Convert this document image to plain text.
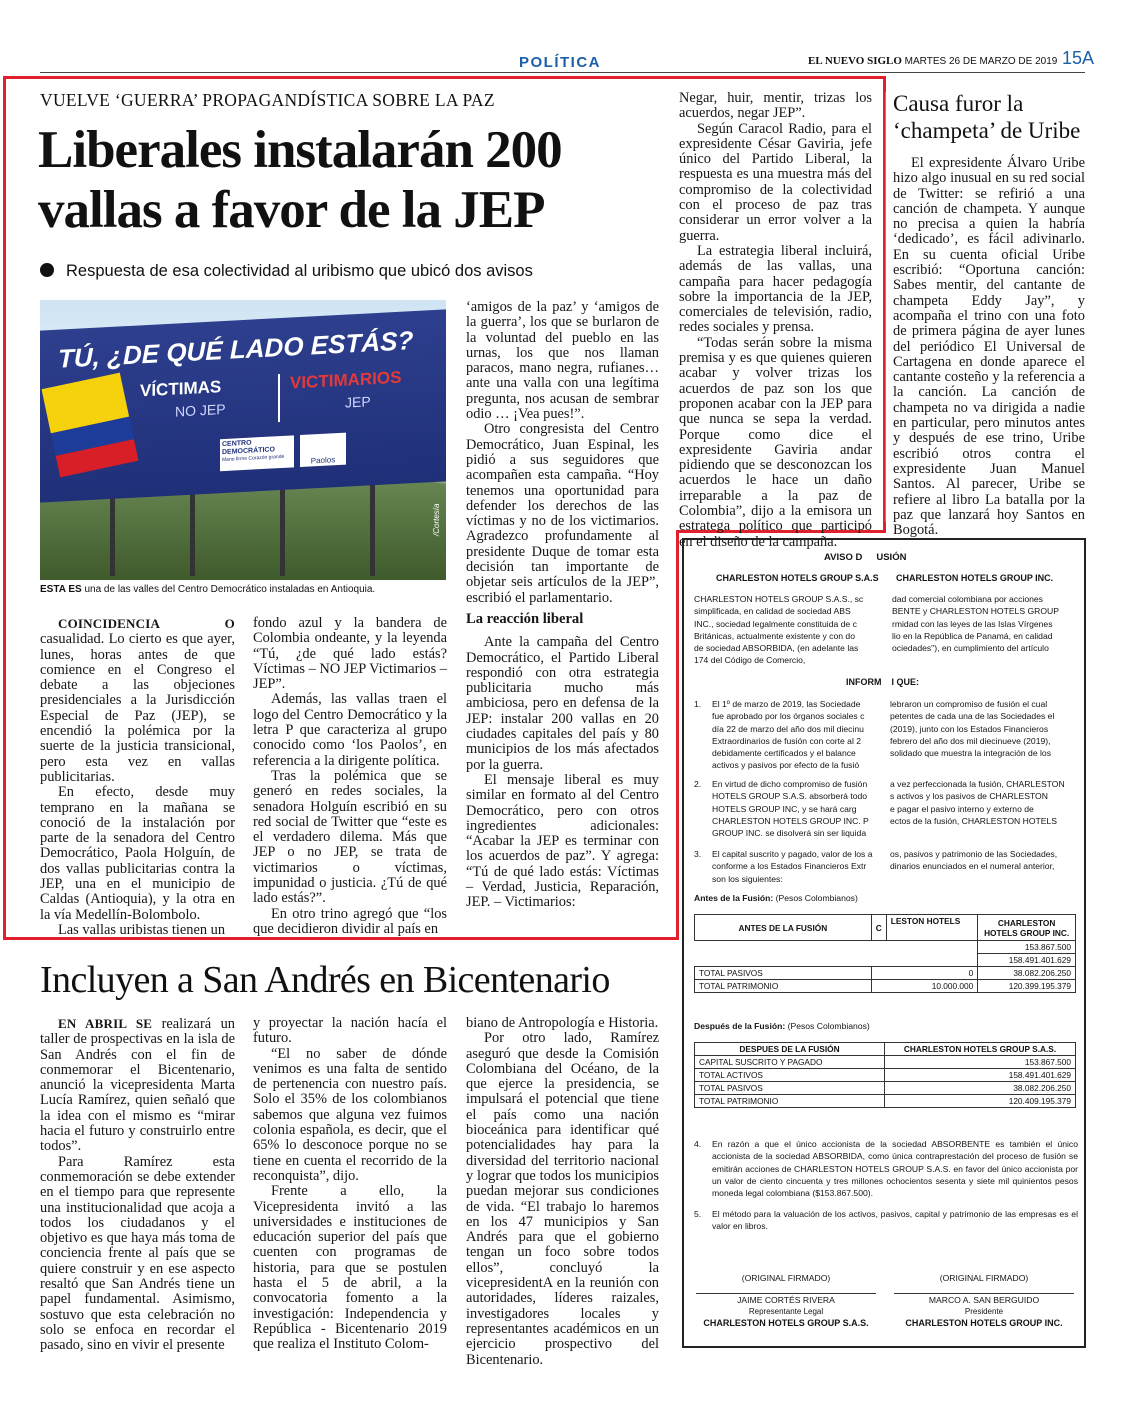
POLÍTICA	EL NUEVO SIGLO MARTES 26 DE MARZO DE 2019 15A
VUELVE ‘GUERRA’ PROPAGANDÍSTICA SOBRE LA PAZ
Liberales instalarán 200
vallas a favor de la JEP
Respuesta de esa colectividad al uribismo que ubicó dos avisos
TÚ, ¿DE QUÉ LADO ESTÁS?
VÍCTIMAS
NO JEP
VICTIMARIOS
JEP
CENTRO DEMOCRÁTICO
Mano firme Corazón grande	Paolos
/Cortesía
ESTA ES una de las valles del Centro Democrático instaladas en Antioquia.

COINCIDENCIA O casualidad. Lo cierto es que ayer, lunes, horas antes de que comience en el Congreso el debate a las objeciones presidenciales a la Jurisdicción Especial de Paz (JEP), se encendió la polémica por la suerte de la justicia transicional, pero esta vez en vallas publicitarias.

En efecto, desde muy temprano en la mañana se conoció de la instalación por parte de la senadora del Centro Democrático, Paola Holguín, de dos vallas publicitarias contra la JEP, una en el municipio de Caldas (Antioquia), y la otra en la vía Medellín-Bolombolo.

Las vallas uribistas tienen un

fondo azul y la bandera de Colombia ondeante, y la leyenda “Tú, ¿de qué lado estás? Víctimas – NO JEP Victimarios – JEP”.

Además, las vallas traen el logo del Centro Democrático y la letra P que caracteriza al grupo conocido como ‘los Paolos’, en referencia a la dirigente política.

Tras la polémica que se generó en redes sociales, la senadora Holguín escribió en su red social de Twitter que “este es el verdadero dilema. Más que JEP o no JEP, se trata de victimarios o víctimas, impunidad o justicia. ¿Tú de qué lado estás?”.

En otro trino agregó que “los que decidieron dividir al país en

‘amigos de la paz’ y ‘amigos de la guerra’, los que se burlaron de la voluntad del pueblo en las urnas, los que nos llaman paracos, mano negra, rufianes… ante una valla con una legítima pregunta, nos acusan de sembrar odio … ¡Vea pues!”.

Otro congresista del Centro Democrático, Juan Espinal, les pidió a sus seguidores que acompañen esta campaña. “Hoy tenemos una oportunidad para defender los derechos de las víctimas y no de los victimarios. Agradezco profundamente al presidente Duque de tomar esta decisión tan importante de objetar seis artículos de la JEP”, escribió el parlamentario.

La reacción liberal

Ante la campaña del Centro Democrático, el Partido Liberal respondió con otra estrategia publicitaria mucho más ambiciosa, pero en defensa de la JEP: instalar 200 vallas en 20 ciudades capitales del país y 80 municipios de los más afectados por la guerra.

El mensaje liberal es muy similar en formato al del Centro Democrático, pero con otros ingredientes adicionales: “Acabar la JEP es terminar con los acuerdos de paz”. Y agrega: “Tú de qué lado estás: Víctimas – Verdad, Justicia, Reparación, JEP. – Victimarios:

Negar, huir, mentir, trizas los acuerdos, negar JEP”.

Según Caracol Radio, para el expresidente César Gaviria, jefe único del Partido Liberal, la respuesta es una muestra más del compromiso de la colectividad con el proceso de paz tras considerar un error volver a la guerra.

La estrategia liberal incluirá, además de las vallas, una campaña para hacer pedagogía sobre la importancia de la JEP, comerciales de televisión, radio, redes sociales y prensa.

“Todas serán sobre la misma premisa y es que quienes quieren acabar y volver trizas los acuerdos de paz son los que proponen acabar con la JEP para que nunca se sepa la verdad. Porque como dice el expresidente Gaviria andar pidiendo que se desconozcan los acuerdos le hace un daño irreparable a la paz de Colombia”, dijo a la emisora un estratega político que participó en el diseño de la campaña.

Causa furor la ‘champeta’ de Uribe

El expresidente Álvaro Uribe hizo algo inusual en su red social de Twitter: se refirió a una canción de champeta. Y aunque no precisa a quien la habría ‘dedicado’, es fácil adivinarlo. En su cuenta oficial Uribe escribió: “Oportuna canción: Sabes mentir, del cantante de champeta Eddy Jay”, y acompaña el trino con una foto de primera página de ayer lunes del periódico El Universal de Cartagena en donde aparece el cantante costeño y la referencia a la canción. La canción de champeta no va dirigida a nadie en particular, pero minutos antes y después de ese trino, Uribe escribió otros contra el expresidente Juan Manuel Santos. Al parecer, Uribe se refiere al libro La batalla por la paz que lanzará hoy Santos en Bogotá.

Incluyen a San Andrés en Bicentenario

EN ABRIL SE realizará un taller de prospectivas en la isla de San Andrés con el fin de conmemorar el Bicentenario, anunció la vicepresidenta Marta Lucía Ramírez, quien señaló que la idea con el mismo es “mirar hacia el futuro y construirlo entre todos”.

Para Ramírez esta conmemoración se debe extender en el tiempo para que represente una institucionalidad que acoja a todos los ciudadanos y el objetivo es que haya más toma de conciencia frente al país que se quiere construir y en ese aspecto resaltó que San Andrés tiene un papel fundamental. Asimismo, sostuvo que esta celebración no solo se enfoca en recordar el pasado, sino en vivir el presente

y proyectar la nación hacía el futuro.

“El no saber de dónde venimos es una falta de sentido de pertenencia con nuestro país. Solo el 35% de los colombianos sabemos que alguna vez fuimos colonia española, es decir, que el 65% lo desconoce porque no se tiene en cuenta el recorrido de la reconquista”, dijo.

Frente a ello, la Vicepresidenta invitó a las universidades e instituciones de educación superior del país que cuenten con programas de historia, para que se postulen hasta el 5 de abril, a la convocatoria fomento a la investigación: Independencia y República - Bicentenario 2019 que realiza el Instituto Colom-

biano de Antropología e Historia.

Por otro lado, Ramírez aseguró que desde la Comisión Colombiana del Océano, de la que ejerce la presidencia, se impulsará el potencial que tiene el país como una nación bioceánica para identificar qué potencialidades hay para la diversidad del territorio nacional y lograr que todos los municipios puedan mejorar sus condiciones de vida. “El trabajo lo haremos en los 47 municipios y San Andrés para que el gobierno tengan un foco sobre todos ellos”, concluyó la vicepresidentA en la reunión con autoridades, líderes raizales, investigadores locales y representantes académicos en un ejercicio prospectivo del Bicentenario.

AVISO D USIÓN
CHARLESTON HOTELS GROUP S.A.S CHARLESTON HOTELS GROUP INC.
CHARLESTON HOTELS GROUP S.A.S., sc
simplificada, en calidad de sociedad ABS
INC., sociedad legalmente constituida de c
Británicas, actualmente existente y con do
de sociedad ABSORBIDA, (en adelante las
174 del Código de Comercio,
dad comercial colombiana por acciones
BENTE y CHARLESTON HOTELS GROUP
rmidad con las leyes de las Islas Vírgenes
lio en la República de Panamá, en calidad
ociedades"), en cumplimiento del artículo
INFORM I QUE:
1. El 1º de marzo de 2019, las Sociedade
fue aprobado por los órganos sociales c
día 22 de marzo del año dos mil diecinu
Extraordinarios de fusión con corte al 2
debidamente certificados y el balance
activos y pasivos por efecto de la fusió
lebraron un compromiso de fusión el cual
petentes de cada una de las Sociedades el
(2019), junto con los Estados Financieros
febrero del año dos mil diecinueve (2019),
solidado que muestra la integración de los
2. En virtud de dicho compromiso de fusión
HOTELS GROUP S.A.S. absorberá todo
HOTELS GROUP INC, y se hará carg
CHARLESTON HOTELS GROUP INC. P
GROUP INC. se disolverá sin ser liquida
a vez perfeccionada la fusión, CHARLESTON
s activos y los pasivos de CHARLESTON
e pagar el pasivo interno y externo de
ectos de la fusión, CHARLESTON HOTELS
3. El capital suscrito y pagado, valor de los a
conforme a los Estados Financieros Extr
son los siguientes:
os, pasivos y patrimonio de las Sociedades,
dinarios enunciados en el numeral anterior,
Antes de la Fusión: (Pesos Colombianos)
ANTES DE LA FUSIÓN	C	LESTON HOTELS	CHARLESTON HOTELS GROUP INC.
			153.867.500
			158.491.401.629
TOTAL PASIVOS	0		38.082.206.250
TOTAL PATRIMONIO	10.000.000		120.399.195.379
Después de la Fusión: (Pesos Colombianos)
DESPUES DE LA FUSIÓN	CHARLESTON HOTELS GROUP S.A.S.
CAPITAL SUSCRITO Y PAGADO	153.867.500
TOTAL ACTIVOS	158.491.401.629
TOTAL PASIVOS	38.082.206.250
TOTAL PATRIMONIO	120.409.195.379
4. En razón a que el único accionista de la sociedad ABSORBENTE es también el único accionista de la sociedad ABSORBIDA, como única contraprestación del proceso de fusión se emitirán acciones de CHARLESTON HOTELS GROUP S.A.S. en favor del único accionista por un valor de ciento cincuenta y tres millones ochocientos sesenta y siete mil quinientos pesos moneda legal colombiana ($153.867.500).
5. El método para la valuación de los activos, pasivos, capital y patrimonio de las empresas es el valor en libros.
(ORIGINAL FIRMADO)
JAIME CORTÉS RIVERA
Representante Legal
CHARLESTON HOTELS GROUP S.A.S.
(ORIGINAL FIRMADO)
MARCO A. SAN BERGUIDO
Presidente
CHARLESTON HOTELS GROUP INC.
